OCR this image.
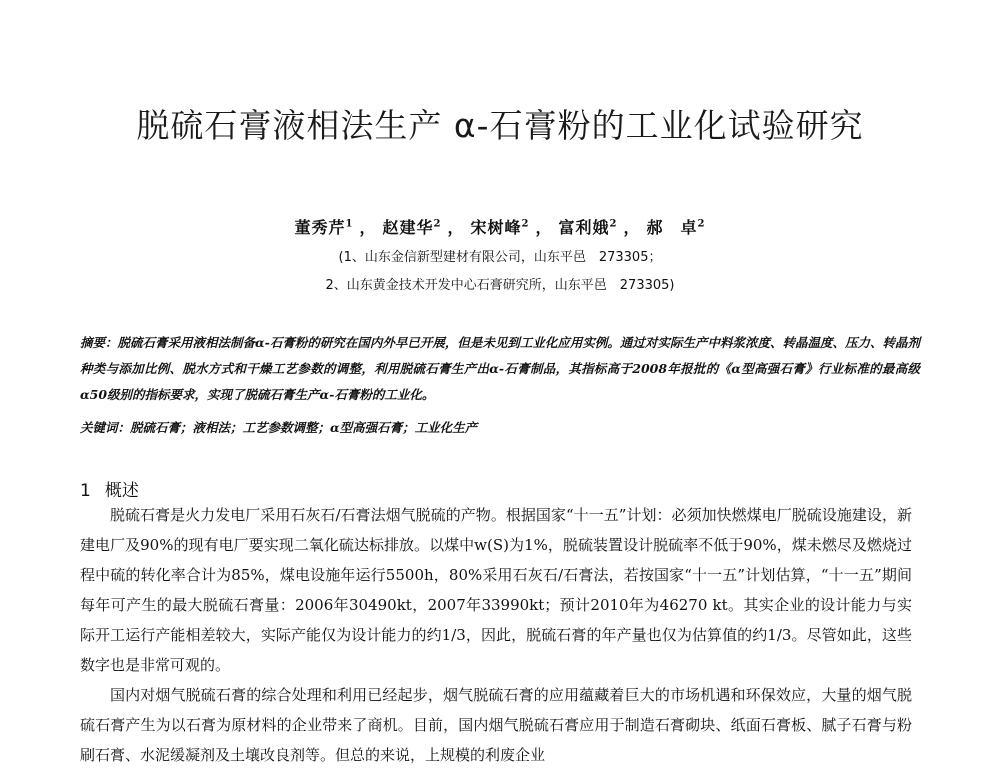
脱硫石膏液相法生产 α-石膏粉的工业化试验研究
董秀芹$^1$ ， 赵建华$^2$ ， 宋树峰$^2$ ， 富利娥$^2$ ， 郝　卓$^2$
(1、山东金信新型建材有限公司，山东平邑　273305；
2、山东黄金技术开发中心石膏研究所，山东平邑　273305)
摘要：脱硫石膏采用液相法制备α-石膏粉的研究在国内外早已开展，但是未见到工业化应用实例。通过对实际生产中料浆浓度、转晶温度、压力、转晶剂种类与添加比例、脱水方式和干燥工艺参数的调整，利用脱硫石膏生产出α-石膏制品，其指标高于2008年报批的《α型高强石膏》行业标准的最高级α50级别的指标要求，实现了脱硫石膏生产α-石膏粉的工业化。
关键词：脱硫石膏；液相法；工艺参数调整；α型高强石膏；工业化生产
1 概述

脱硫石膏是火力发电厂采用石灰石/石膏法烟气脱硫的产物。根据国家“十一五”计划：必须加快燃煤电厂脱硫设施建设，新建电厂及90%的现有电厂要实现二氧化硫达标排放。以煤中w(S)为1%，脱硫装置设计脱硫率不低于90%，煤未燃尽及燃烧过程中硫的转化率合计为85%，煤电设施年运行5500h，80%采用石灰石/石膏法，若按国家“十一五”计划估算，“十一五”期间每年可产生的最大脱硫石膏量：2006年30490kt，2007年33990kt；预计2010年为46270 kt。其实企业的设计能力与实际开工运行产能相差较大，实际产能仅为设计能力的约1/3，因此，脱硫石膏的年产量也仅为估算值的约1/3。尽管如此，这些数字也是非常可观的。

国内对烟气脱硫石膏的综合处理和利用已经起步，烟气脱硫石膏的应用蕴藏着巨大的市场机遇和环保效应，大量的烟气脱硫石膏产生为以石膏为原材料的企业带来了商机。目前，国内烟气脱硫石膏应用于制造石膏砌块、纸面石膏板、腻子石膏与粉刷石膏、水泥缓凝剂及土壤改良剂等。但总的来说，上规模的利废企业
